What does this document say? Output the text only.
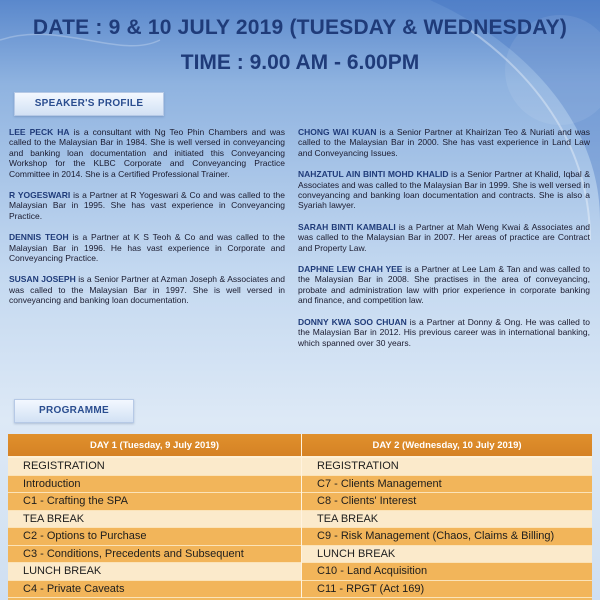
DATE : 9 & 10 JULY 2019 (TUESDAY & WEDNESDAY)
TIME : 9.00 AM - 6.00PM
SPEAKER'S PROFILE

LEE PECK HA is a consultant with Ng Teo Phin Chambers and was called to the Malaysian Bar in 1984. She is well versed in conveyancing and banking loan documentation and initiated this Conveyancing Workshop for the KLBC Corporate and Conveyancing Practice Committee in 2014. She is a Certified Professional Trainer.

R YOGESWARI is a Partner at R Yogeswari & Co and was called to the Malaysian Bar in 1995. She has vast experience in Conveyancing Practice.

DENNIS TEOH is a Partner at K S Teoh & Co and was called to the Malaysian Bar in 1996. He has vast experience in Corporate and Conveyancing Practice.

SUSAN JOSEPH is a Senior Partner at Azman Joseph & Associates and was called to the Malaysian Bar in 1997. She is well versed in conveyancing and banking loan documentation.

CHONG WAI KUAN is a Senior Partner at Khairizan Teo & Nuriati and was called to the Malaysian Bar in 2000. She has vast experience in Land Law and Conveyancing Issues.

NAHZATUL AIN BINTI MOHD KHALID is a Senior Partner at Khalid, Iqbal & Associates and was called to the Malaysian Bar in 1999. She is well versed in conveyancing and banking loan documentation and contracts. She is also a Syariah lawyer.

SARAH BINTI KAMBALI is a Partner at Mah Weng Kwai & Associates and was called to the Malaysian Bar in 2007. Her areas of practice are Contract and Property Law.

DAPHNE LEW CHAH YEE is a Partner at Lee Lam & Tan and was called to the Malaysian Bar in 2008. She practises in the area of conveyancing, probate and administration law with prior experience in corporate banking and finance, and competition law.

DONNY KWA SOO CHUAN is a Partner at Donny & Ong. He was called to the Malaysian Bar in 2012. His previous career was in international banking, which spanned over 30 years.

PROGRAMME
DAY 1 (Tuesday, 9 July 2019)
REGISTRATION
Introduction
C1 - Crafting the SPA
TEA BREAK
C2 - Options to Purchase
C3 - Conditions, Precedents and Subsequent
LUNCH BREAK
C4 - Private Caveats
DAY 2 (Wednesday, 10 July 2019)
REGISTRATION
C7 - Clients Management
C8 - Clients' Interest
TEA BREAK
C9 - Risk Management (Chaos, Claims & Billing)
LUNCH BREAK
C10 - Land Acquisition
C11 - RPGT (Act 169)
